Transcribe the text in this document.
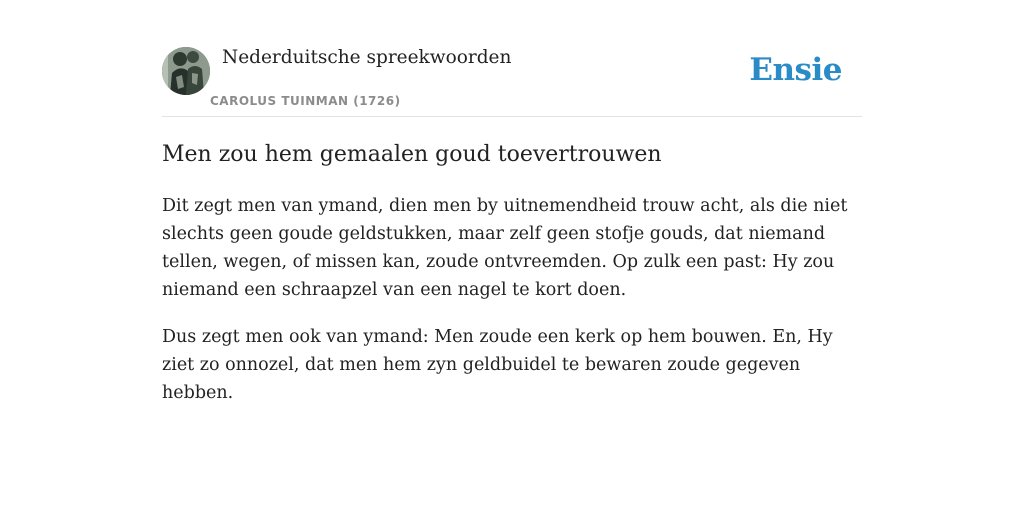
Nederduitsche spreekwoorden
CAROLUS TUINMAN (1726)
Ensie
Men zou hem gemaalen goud toevertrouwen

Dit zegt men van ymand, dien men by uitnemendheid trouw acht, als die niet slechts geen goude geldstukken, maar zelf geen stofje gouds, dat niemand tellen, wegen, of missen kan, zoude ontvreemden. Op zulk een past: Hy zou niemand een schraapzel van een nagel te kort doen.

Dus zegt men ook van ymand: Men zoude een kerk op hem bouwen. En, Hy ziet zo onnozel, dat men hem zyn geldbuidel te bewaren zoude gegeven hebben.
